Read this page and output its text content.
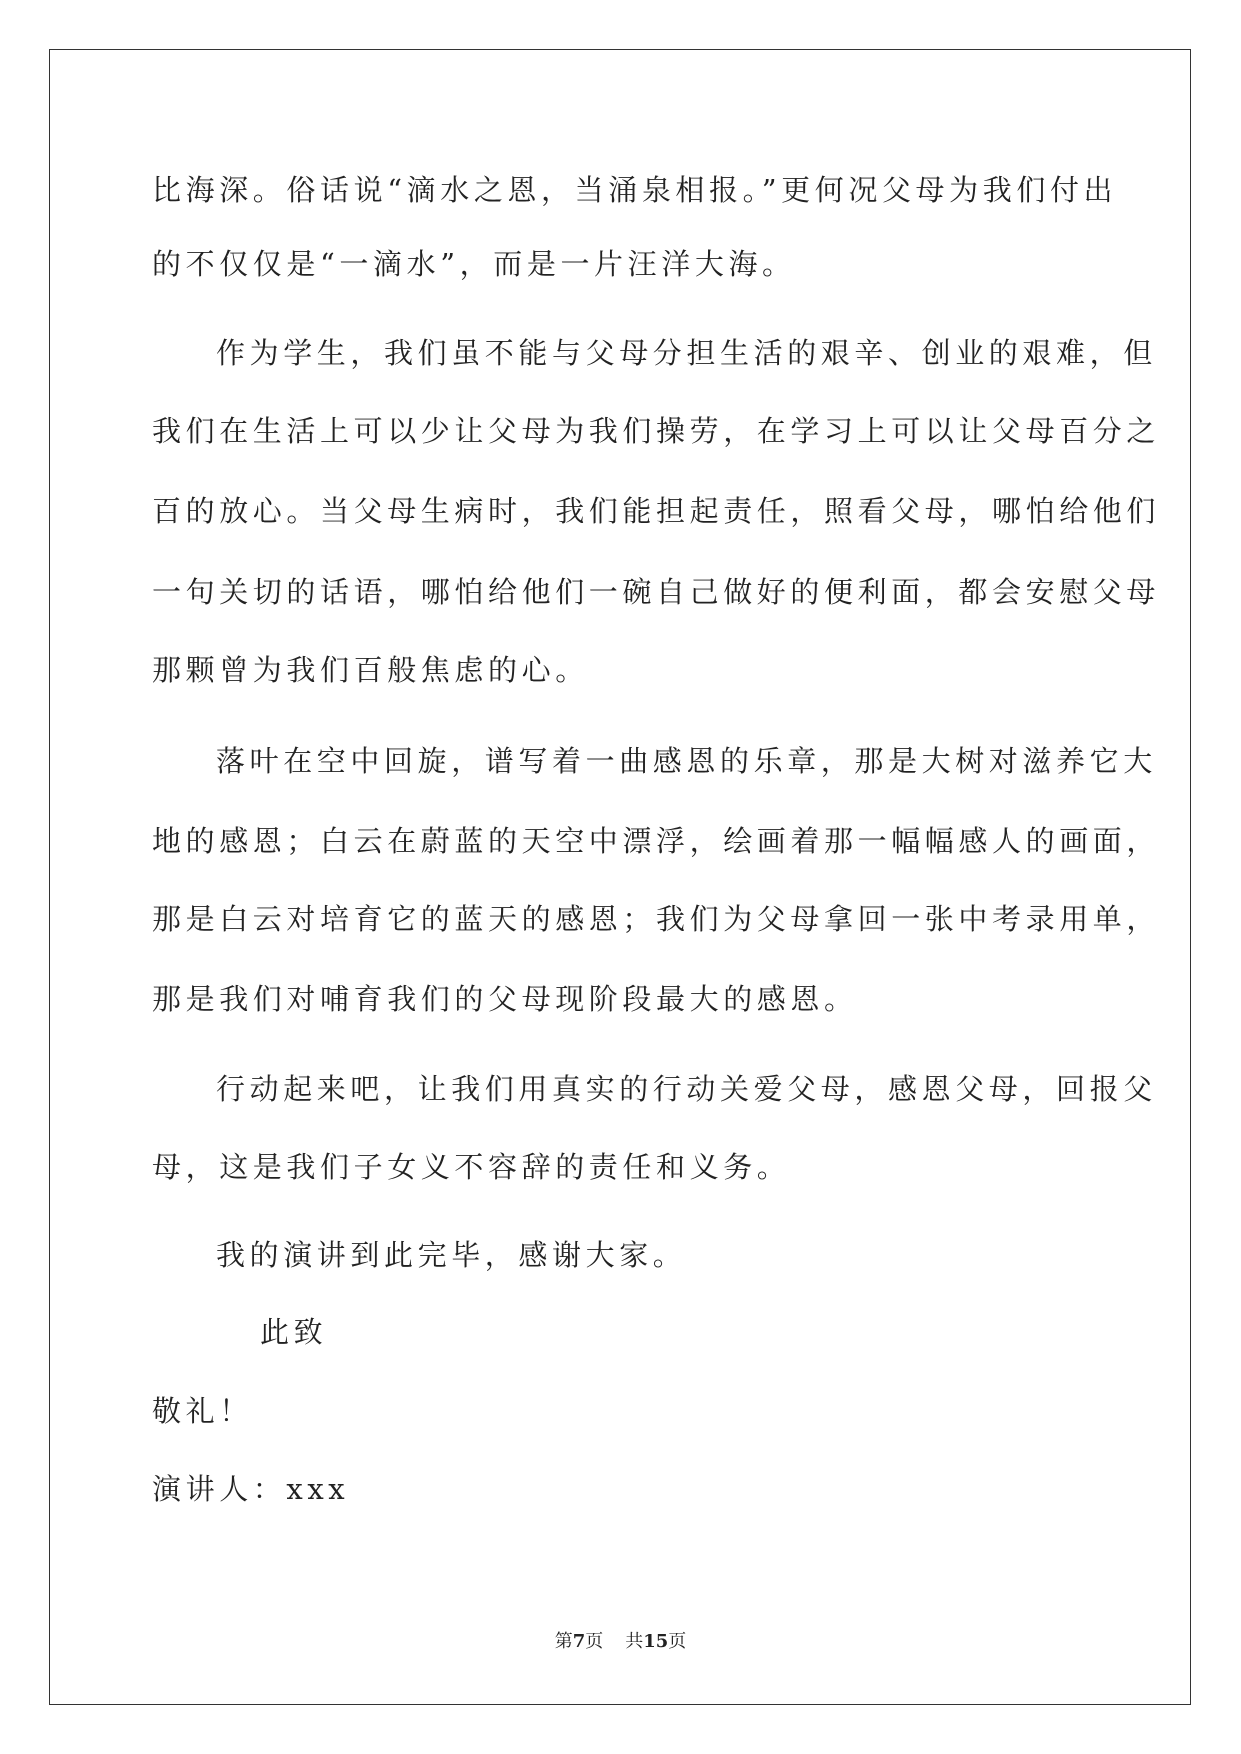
比海深。俗话说“滴水之恩，当涌泉相报。”更何况父母为我们付出
的不仅仅是“一滴水”，而是一片汪洋大海。
作为学生，我们虽不能与父母分担生活的艰辛、创业的艰难，但
我们在生活上可以少让父母为我们操劳，在学习上可以让父母百分之
百的放心。当父母生病时，我们能担起责任，照看父母，哪怕给他们
一句关切的话语，哪怕给他们一碗自己做好的便利面，都会安慰父母
那颗曾为我们百般焦虑的心。
落叶在空中回旋，谱写着一曲感恩的乐章，那是大树对滋养它大
地的感恩；白云在蔚蓝的天空中漂浮，绘画着那一幅幅感人的画面，
那是白云对培育它的蓝天的感恩；我们为父母拿回一张中考录用单，
那是我们对哺育我们的父母现阶段最大的感恩。
行动起来吧，让我们用真实的行动关爱父母，感恩父母，回报父
母，这是我们子女义不容辞的责任和义务。
我的演讲到此完毕，感谢大家。
此致
敬礼！
演讲人：xxx
第7页 共15页
